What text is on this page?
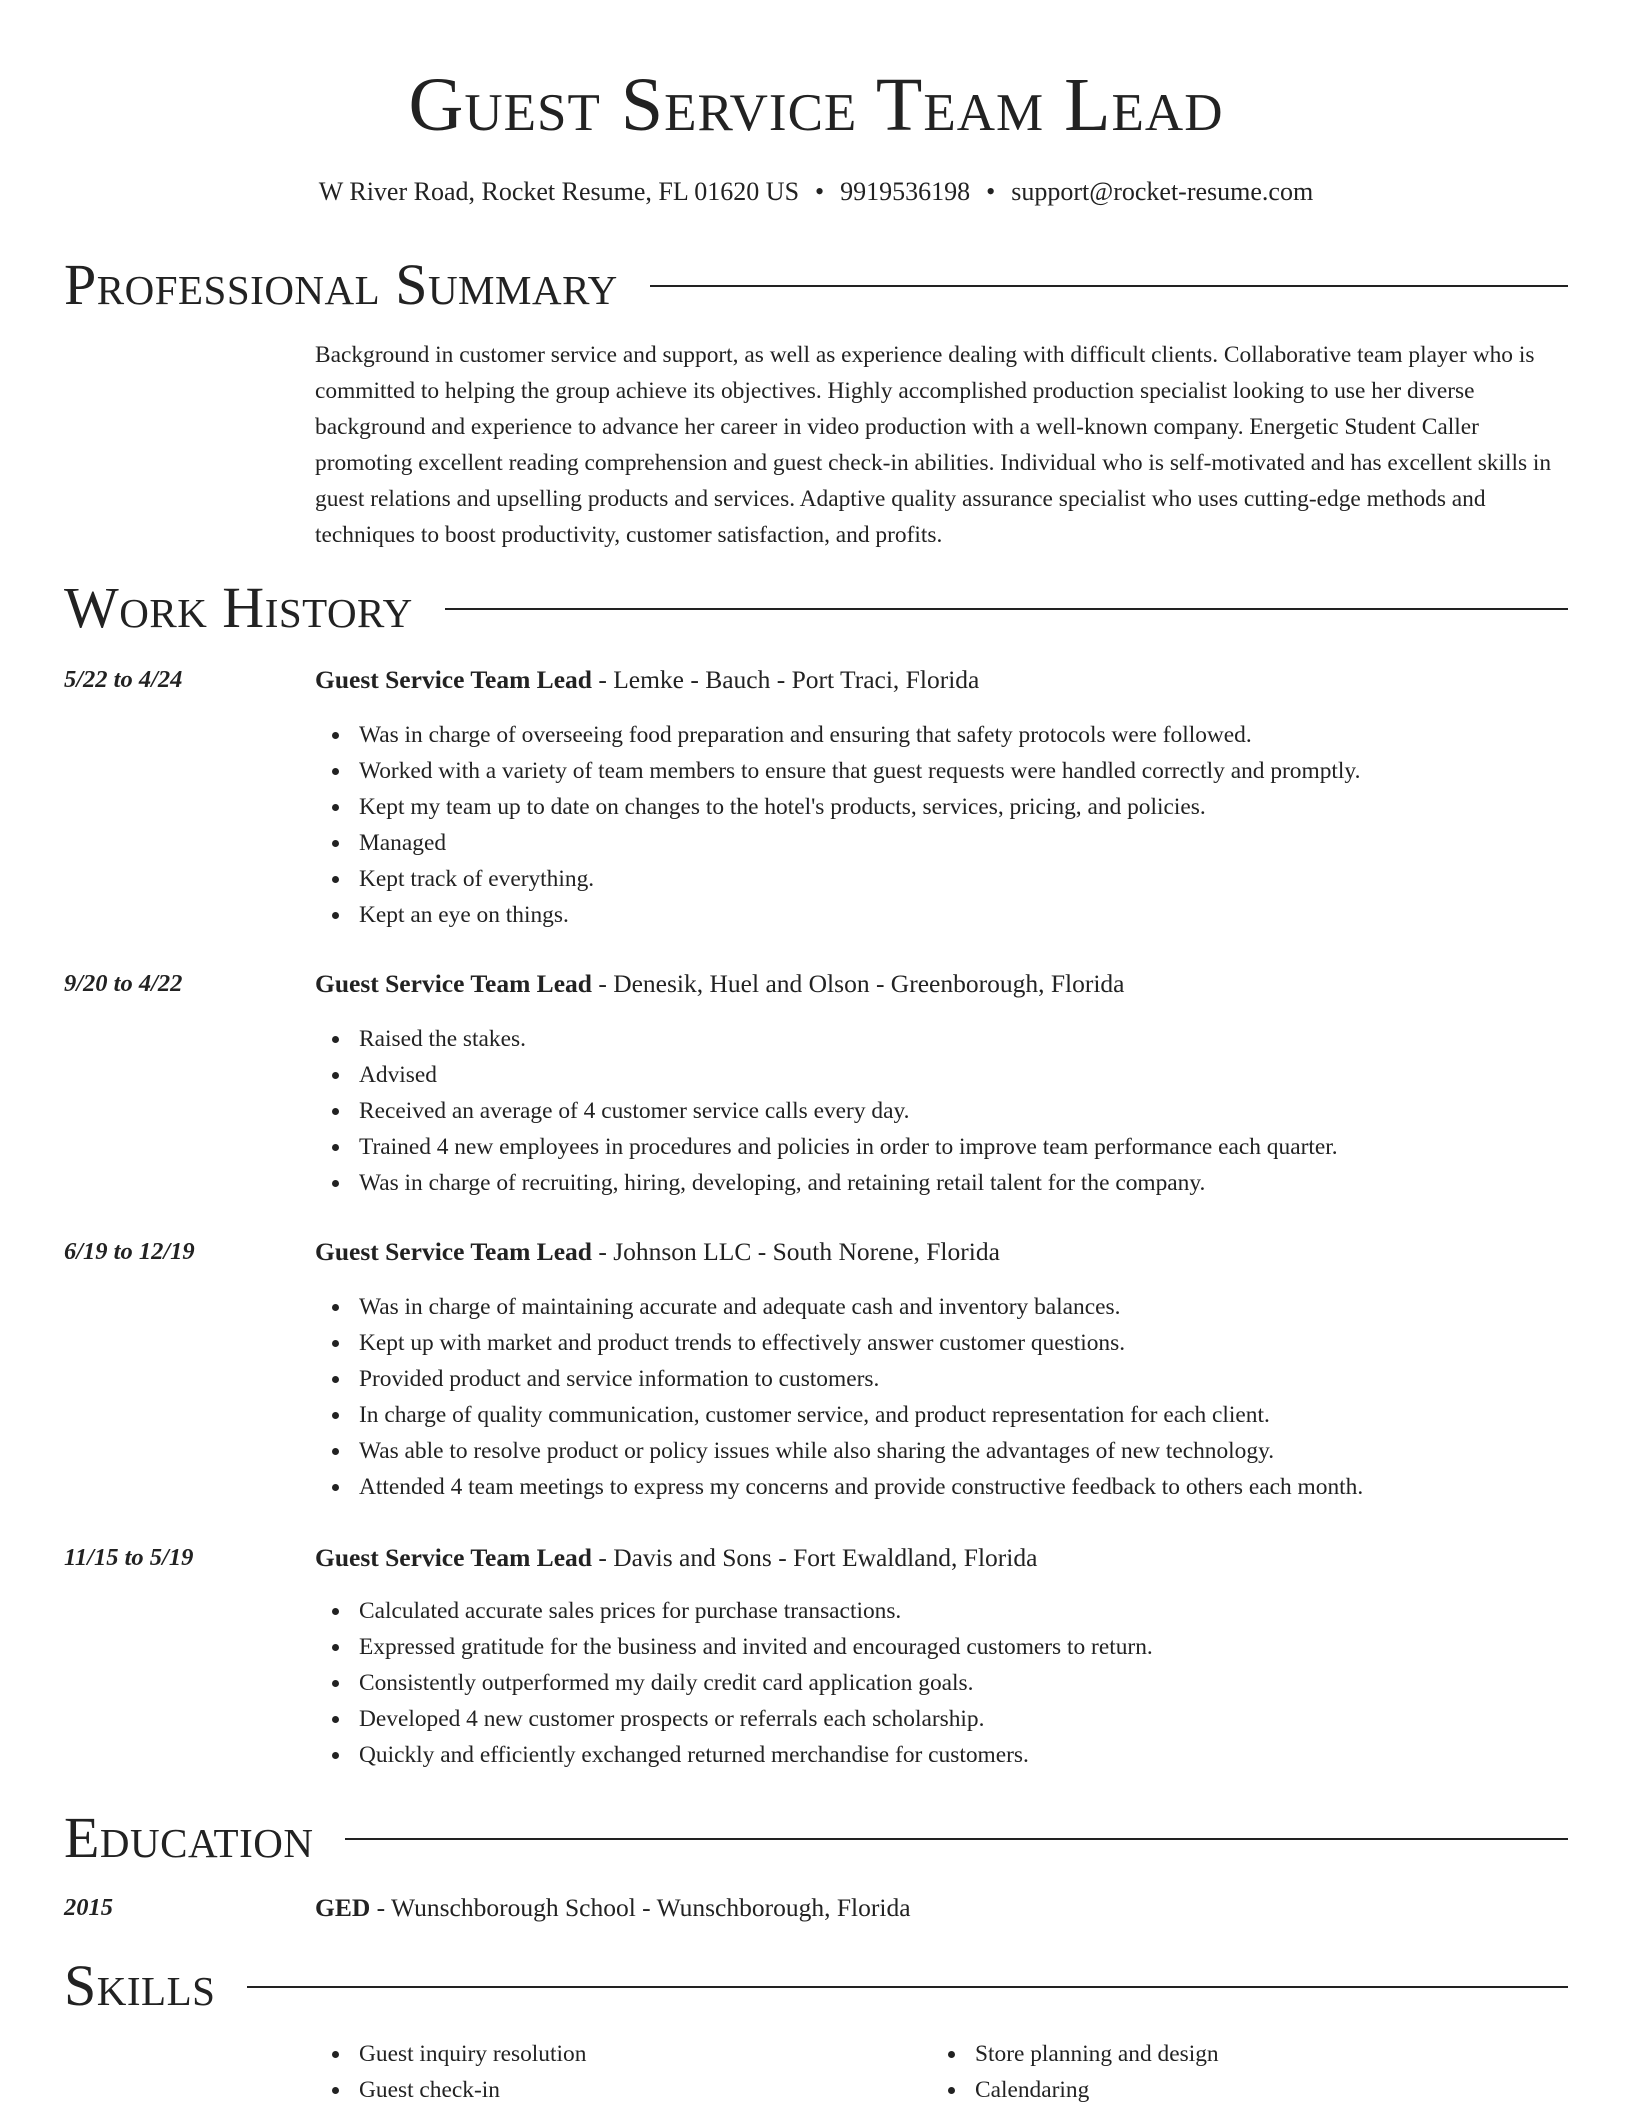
Guest Service Team Lead
W River Road, Rocket Resume, FL 01620 US • 9919536198 • support@rocket-resume.com
Professional Summary

Background in customer service and support, as well as experience dealing with difficult clients. Collaborative team player who is committed to helping the group achieve its objectives. Highly accomplished production specialist looking to use her diverse background and experience to advance her career in video production with a well-known company. Energetic Student Caller promoting excellent reading comprehension and guest check-in abilities. Individual who is self-motivated and has excellent skills in guest relations and upselling products and services. Adaptive quality assurance specialist who uses cutting-edge methods and techniques to boost productivity, customer satisfaction, and profits.

Work History
5/22 to 4/24	Guest Service Team Lead - Lemke - Bauch - Port Traci, Florida
Was in charge of overseeing food preparation and ensuring that safety protocols were followed.
Worked with a variety of team members to ensure that guest requests were handled correctly and promptly.
Kept my team up to date on changes to the hotel's products, services, pricing, and policies.
Managed
Kept track of everything.
Kept an eye on things.
9/20 to 4/22	Guest Service Team Lead - Denesik, Huel and Olson - Greenborough, Florida
Raised the stakes.
Advised
Received an average of 4 customer service calls every day.
Trained 4 new employees in procedures and policies in order to improve team performance each quarter.
Was in charge of recruiting, hiring, developing, and retaining retail talent for the company.
6/19 to 12/19	Guest Service Team Lead - Johnson LLC - South Norene, Florida
Was in charge of maintaining accurate and adequate cash and inventory balances.
Kept up with market and product trends to effectively answer customer questions.
Provided product and service information to customers.
In charge of quality communication, customer service, and product representation for each client.
Was able to resolve product or policy issues while also sharing the advantages of new technology.
Attended 4 team meetings to express my concerns and provide constructive feedback to others each month.
11/15 to 5/19	Guest Service Team Lead - Davis and Sons - Fort Ewaldland, Florida
Calculated accurate sales prices for purchase transactions.
Expressed gratitude for the business and invited and encouraged customers to return.
Consistently outperformed my daily credit card application goals.
Developed 4 new customer prospects or referrals each scholarship.
Quickly and efficiently exchanged returned merchandise for customers.
Education
2015	GED - Wunschborough School - Wunschborough, Florida
Skills
Guest inquiry resolution
Guest check-in
Store planning and design
Calendaring
